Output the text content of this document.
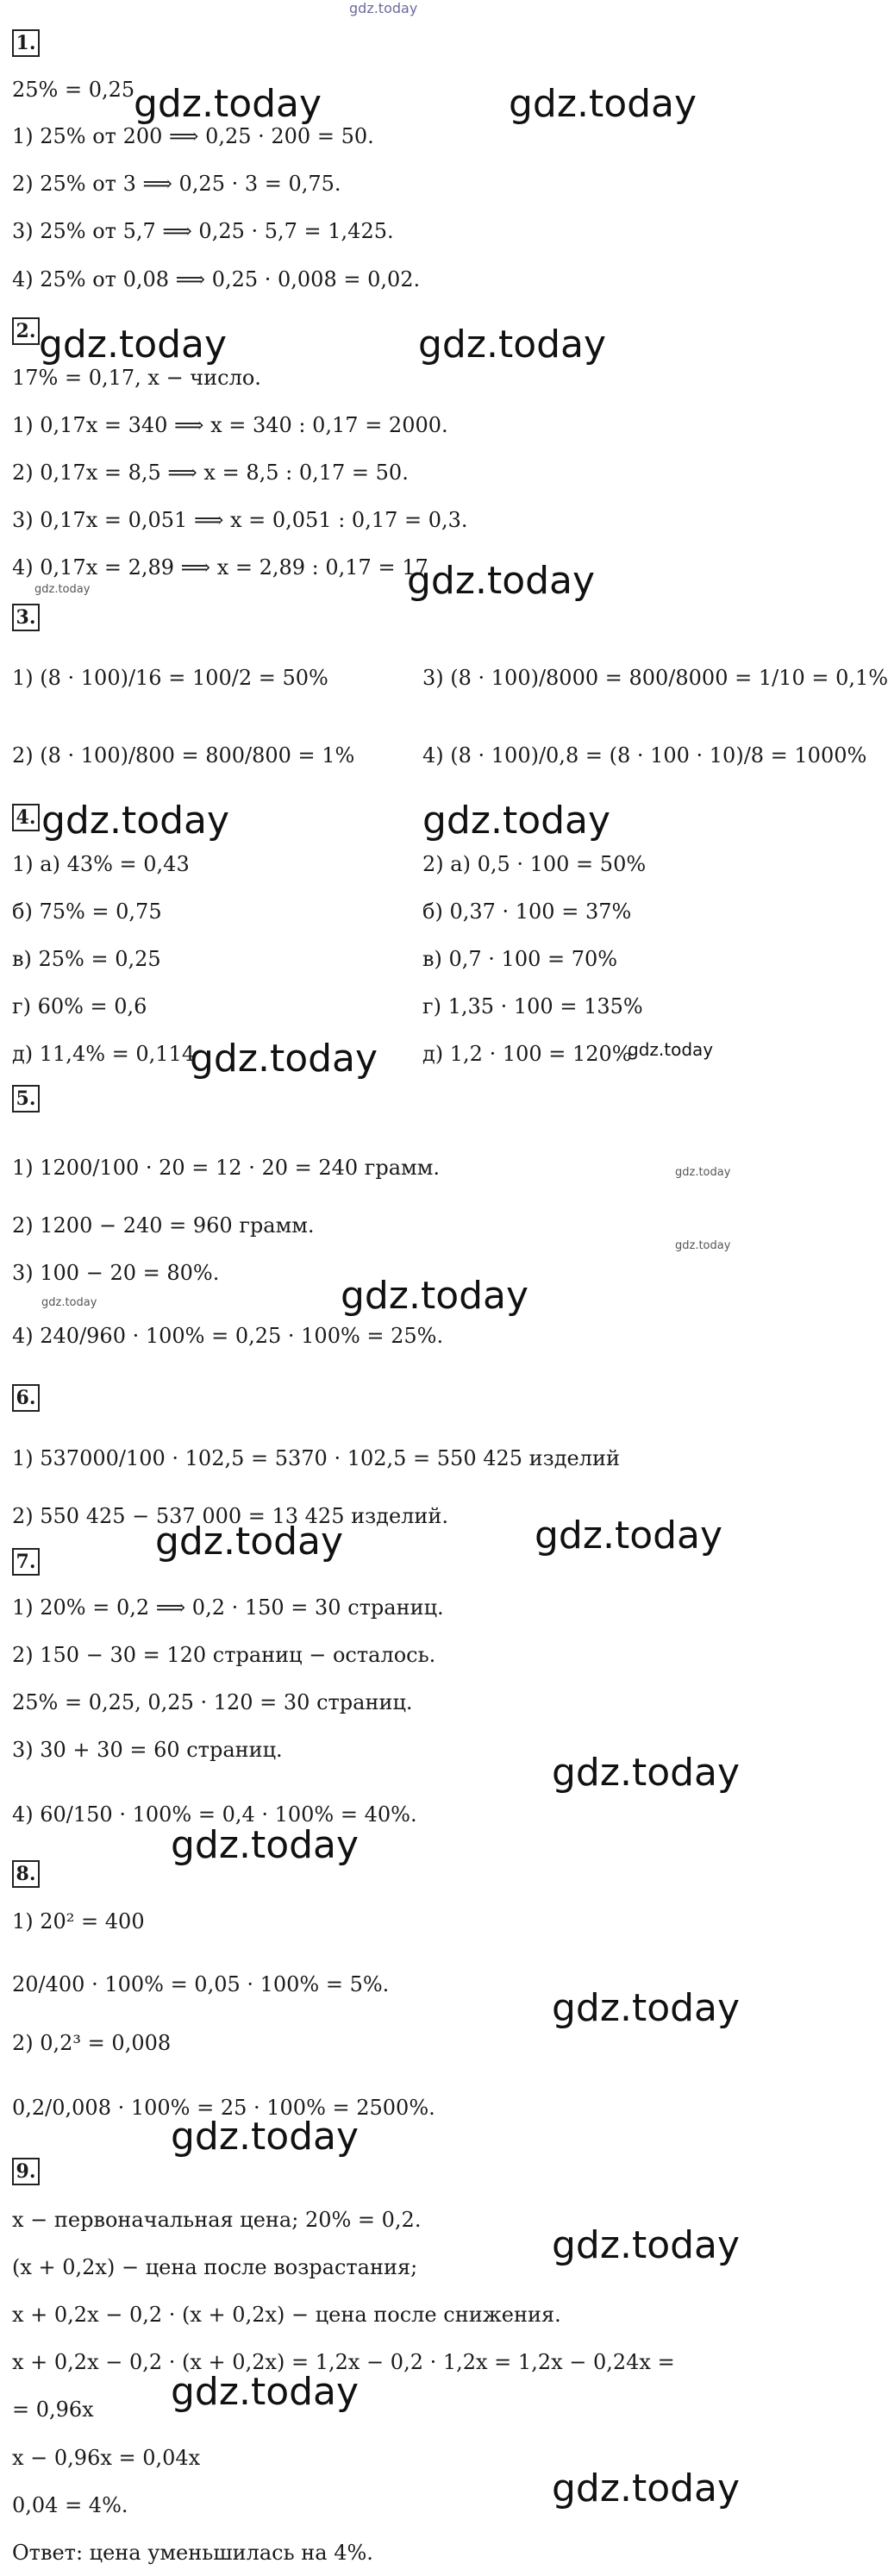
gdz.today
1.
25% = 0,25
1) 25% от 200 ⟹ 0,25 · 200 = 50.
2) 25% от 3 ⟹ 0,25 · 3 = 0,75.
3) 25% от 5,7 ⟹ 0,25 · 5,7 = 1,425.
4) 25% от 0,08 ⟹ 0,25 · 0,008 = 0,02.
gdz.today	gdz.today
2.
17% = 0,17, x − число.
1) 0,17x = 340 ⟹ x = 340 : 0,17 = 2000.
2) 0,17x = 8,5 ⟹ x = 8,5 : 0,17 = 50.
3) 0,17x = 0,051 ⟹ x = 0,051 : 0,17 = 0,3.
4) 0,17x = 2,89 ⟹ x = 2,89 : 0,17 = 17
gdz.today	gdz.today
gdz.today
gdz.today
3.
1) (8 · 100)/16 = 100/2 = 50%	3) (8 · 100)/8000 = 800/8000 = 1/10 = 0,1%
2) (8 · 100)/800 = 800/800 = 1%	4) (8 · 100)/0,8 = (8 · 100 · 10)/8 = 1000%
4. gdz.today	gdz.today
1) а) 43% = 0,43	2) а) 0,5 · 100 = 50%
б) 75% = 0,75	б) 0,37 · 100 = 37%
в) 25% = 0,25	в) 0,7 · 100 = 70%
г) 60% = 0,6	г) 1,35 · 100 = 135%
д) 11,4% = 0,114	д) 1,2 · 100 = 120%
gdz.today	gdz.today
5.
1) 1200/100 · 20 = 12 · 20 = 240 грамм.
2) 1200 − 240 = 960 грамм.
3) 100 − 20 = 80%.
4) 240/960 · 100% = 0,25 · 100% = 25%.
gdz.today
gdz.today
gdz.today
gdz.today
6.
1) 537000/100 · 102,5 = 5370 · 102,5 = 550 425 изделий
2) 550 425 − 537 000 = 13 425 изделий.
gdz.today	gdz.today
7.
1) 20% = 0,2 ⟹ 0,2 · 150 = 30 страниц.
2) 150 − 30 = 120 страниц − осталось.
25% = 0,25, 0,25 · 120 = 30 страниц.
3) 30 + 30 = 60 страниц.
4) 60/150 · 100% = 0,4 · 100% = 40%.
gdz.today
gdz.today
8.
1) 20² = 400
20/400 · 100% = 0,05 · 100% = 5%.
2) 0,2³ = 0,008
0,2/0,008 · 100% = 25 · 100% = 2500%.
gdz.today
gdz.today
9.
x − первоначальная цена; 20% = 0,2.
(x + 0,2x) − цена после возрастания;
x + 0,2x − 0,2 · (x + 0,2x) − цена после снижения.
x + 0,2x − 0,2 · (x + 0,2x) = 1,2x − 0,2 · 1,2x = 1,2x − 0,24x =
= 0,96x
x − 0,96x = 0,04x
0,04 = 4%.
Ответ: цена уменьшилась на 4%.
gdz.today
gdz.today
gdz.today
